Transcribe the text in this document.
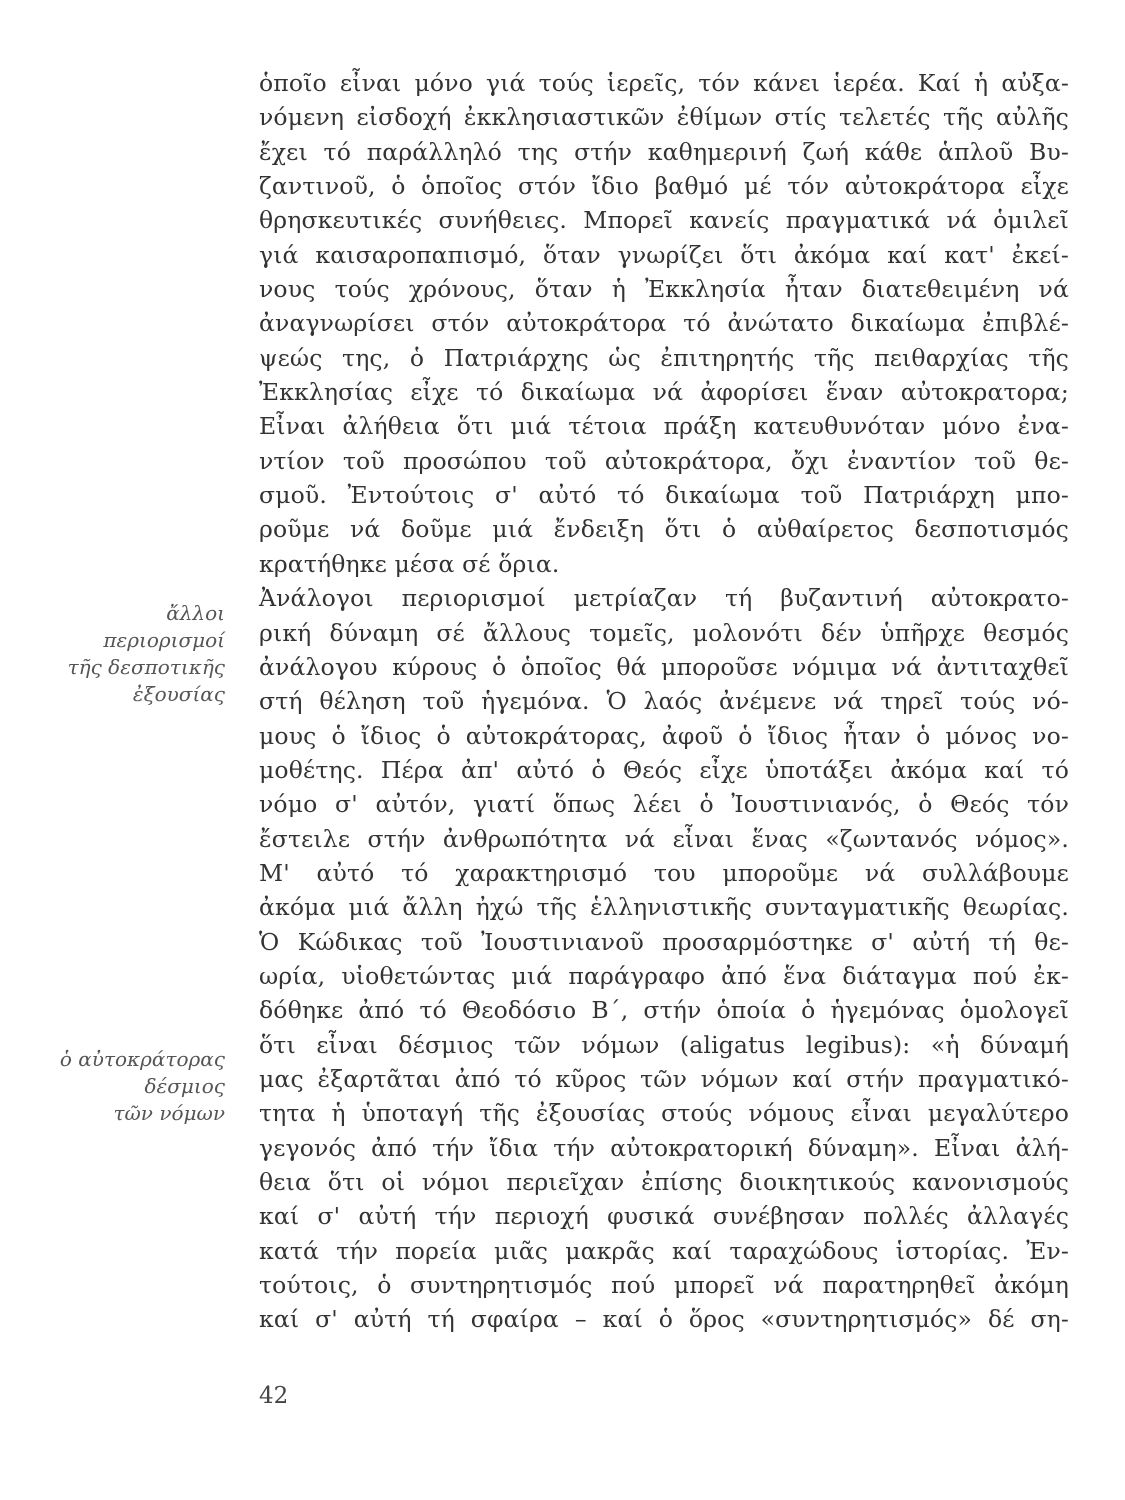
ὁποῖο εἶναι μόνο γιά τούς ἱερεῖς, τόν κάνει ἱερέα. Καί ἡ αὐξα-
νόμενη εἰσδοχή ἐκκλησιαστικῶν ἐθίμων στίς τελετές τῆς αὐλῆς
ἔχει τό παράλληλό της στήν καθημερινή ζωή κάθε ἁπλοῦ Βυ-
ζαντινοῦ, ὁ ὁποῖος στόν ἴδιο βαθμό μέ τόν αὐτοκράτορα εἶχε
θρησκευτικές συνήθειες. Μπορεῖ κανείς πραγματικά νά ὁμιλεῖ
γιά καισαροπαπισμό, ὅταν γνωρίζει ὅτι ἀκόμα καί κατ' ἐκεί-
νους τούς χρόνους, ὅταν ἡ Ἐκκλησία ἦταν διατεθειμένη νά
ἀναγνωρίσει στόν αὐτοκράτορα τό ἀνώτατο δικαίωμα ἐπιβλέ-
ψεώς της, ὁ Πατριάρχης ὡς ἐπιτηρητής τῆς πειθαρχίας τῆς
Ἐκκλησίας εἶχε τό δικαίωμα νά ἀφορίσει ἕναν αὐτοκρατορα;
Εἶναι ἀλήθεια ὅτι μιά τέτοια πράξη κατευθυνόταν μόνο ἐνα-
ντίον τοῦ προσώπου τοῦ αὐτοκράτορα, ὄχι ἐναντίον τοῦ θε-
σμοῦ. Ἐντούτοις σ' αὐτό τό δικαίωμα τοῦ Πατριάρχη μπο-
ροῦμε νά δοῦμε μιά ἔνδειξη ὅτι ὁ αὐθαίρετος δεσποτισμός
κρατήθηκε μέσα σέ ὅρια.
Ἀνάλογοι περιορισμοί μετρίαζαν τή βυζαντινή αὐτοκρατο-
ρική δύναμη σέ ἄλλους τομεῖς, μολονότι δέν ὑπῆρχε θεσμός
ἀνάλογου κύρους ὁ ὁποῖος θά μποροῦσε νόμιμα νά ἀντιταχθεῖ
στή θέληση τοῦ ἡγεμόνα. Ὁ λαός ἀνέμενε νά τηρεῖ τούς νό-
μους ὁ ἴδιος ὁ αὐτοκράτορας, ἀφοῦ ὁ ἴδιος ἦταν ὁ μόνος νο-
μοθέτης. Πέρα ἀπ' αὐτό ὁ Θεός εἶχε ὑποτάξει ἀκόμα καί τό
νόμο σ' αὐτόν, γιατί ὅπως λέει ὁ Ἰουστινιανός, ὁ Θεός τόν
ἔστειλε στήν ἀνθρωπότητα νά εἶναι ἕνας «ζωντανός νόμος».
Μ' αὐτό τό χαρακτηρισμό του μποροῦμε νά συλλάβουμε
ἀκόμα μιά ἄλλη ἠχώ τῆς ἑλληνιστικῆς συνταγματικῆς θεωρίας.
Ὁ Κώδικας τοῦ Ἰουστινιανοῦ προσαρμόστηκε σ' αὐτή τή θε-
ωρία, υἱοθετώντας μιά παράγραφο ἀπό ἕνα διάταγμα πού ἐκ-
δόθηκε ἀπό τό Θεοδόσιο Β΄, στήν ὁποία ὁ ἡγεμόνας ὁμολογεῖ
ὅτι εἶναι δέσμιος τῶν νόμων (aligatus legibus): «ἡ δύναμή
μας ἐξαρτᾶται ἀπό τό κῦρος τῶν νόμων καί στήν πραγματικό-
τητα ἡ ὑποταγή τῆς ἐξουσίας στούς νόμους εἶναι μεγαλύτερο
γεγονός ἀπό τήν ἴδια τήν αὐτοκρατορική δύναμη». Εἶναι ἀλή-
θεια ὅτι οἱ νόμοι περιεῖχαν ἐπίσης διοικητικούς κανονισμούς
καί σ' αὐτή τήν περιοχή φυσικά συνέβησαν πολλές ἀλλαγές
κατά τήν πορεία μιᾶς μακρᾶς καί ταραχώδους ἱστορίας. Ἐν-
τούτοις, ὁ συντηρητισμός πού μπορεῖ νά παρατηρηθεῖ ἀκόμη
καί σ' αὐτή τή σφαίρα – καί ὁ ὅρος «συντηρητισμός» δέ ση-
ἄλλοι
περιορισμοί
τῆς δεσποτικῆς
ἐξουσίας
ὁ αὐτοκράτορας
δέσμιος
τῶν νόμων
42
